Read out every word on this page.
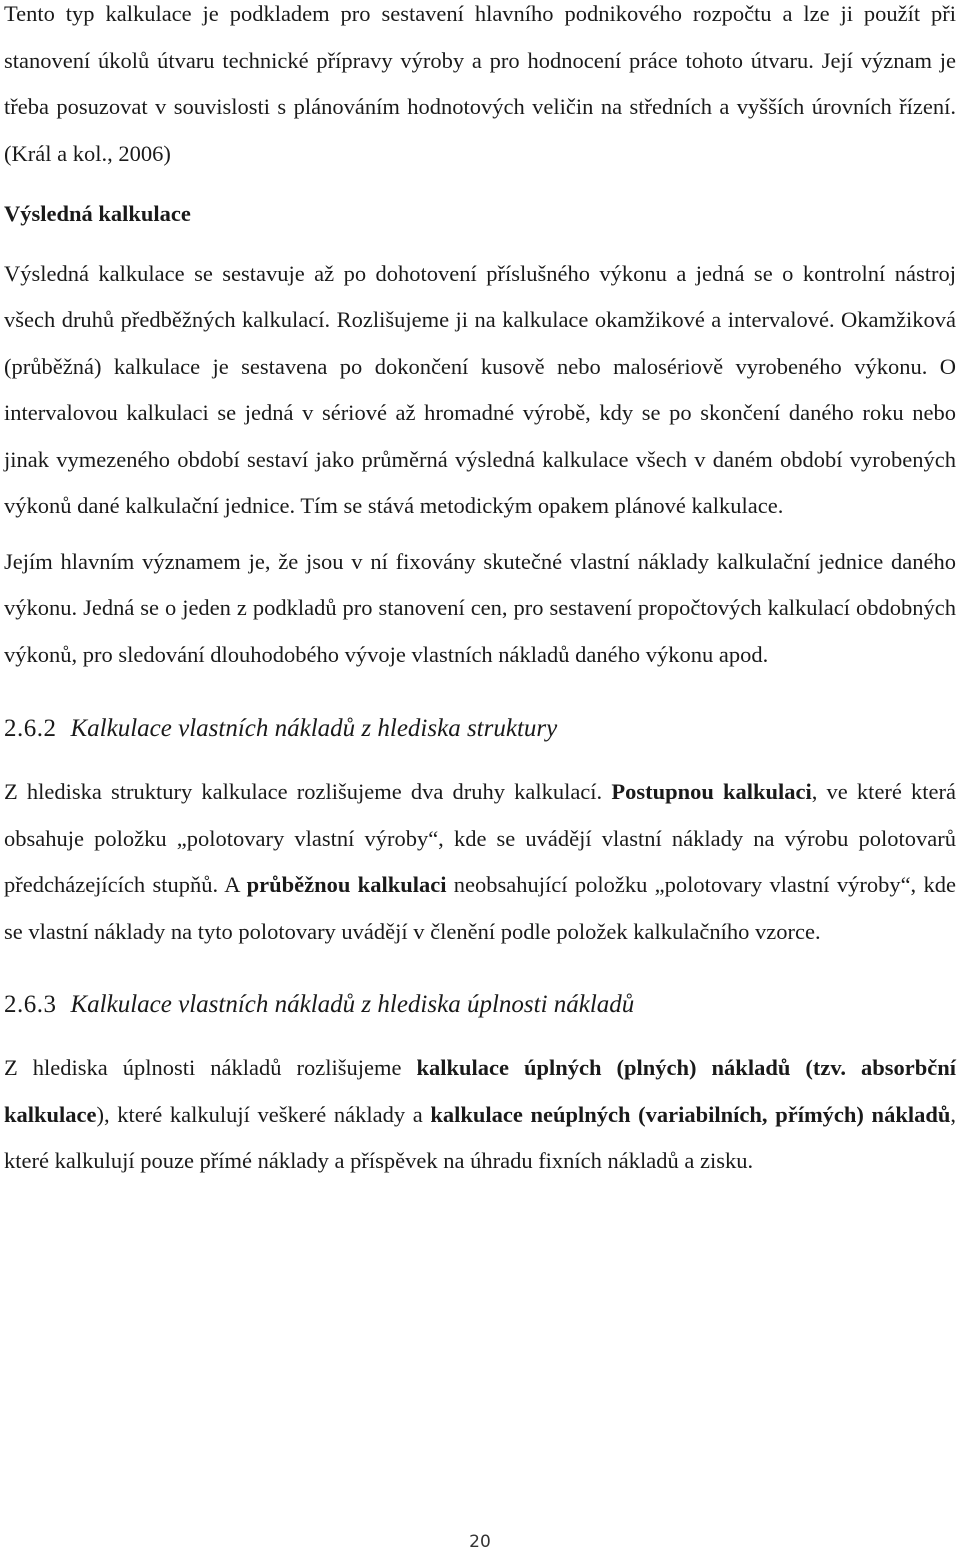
Tento typ kalkulace je podkladem pro sestavení hlavního podnikového rozpočtu a lze ji použít při stanovení úkolů útvaru technické přípravy výroby a pro hodnocení práce tohoto útvaru. Její význam je třeba posuzovat v souvislosti s plánováním hodnotových veličin na středních a vyšších úrovních řízení. (Král a kol., 2006)

Výsledná kalkulace

Výsledná kalkulace se sestavuje až po dohotovení příslušného výkonu a jedná se o kontrolní nástroj všech druhů předběžných kalkulací. Rozlišujeme ji na kalkulace okamžikové a intervalové. Okamžiková (průběžná) kalkulace je sestavena po dokončení kusově nebo malosériově vyrobeného výkonu. O intervalovou kalkulaci se jedná v sériové až hromadné výrobě, kdy se po skončení daného roku nebo jinak vymezeného období sestaví jako průměrná výsledná kalkulace všech v daném období vyrobených výkonů dané kalkulační jednice. Tím se stává metodickým opakem plánové kalkulace.

Jejím hlavním významem je, že jsou v ní fixovány skutečné vlastní náklady kalkulační jednice daného výkonu. Jedná se o jeden z podkladů pro stanovení cen, pro sestavení propočtových kalkulací obdobných výkonů, pro sledování dlouhodobého vývoje vlastních nákladů daného výkonu apod.

2.6.2 Kalkulace vlastních nákladů z hlediska struktury

Z hlediska struktury kalkulace rozlišujeme dva druhy kalkulací. Postupnou kalkulaci, ve které která obsahuje položku „polotovary vlastní výroby“, kde se uvádějí vlastní náklady na výrobu polotovarů předcházejících stupňů. A průběžnou kalkulaci neobsahující položku „polotovary vlastní výroby“, kde se vlastní náklady na tyto polotovary uvádějí v členění podle položek kalkulačního vzorce.

2.6.3 Kalkulace vlastních nákladů z hlediska úplnosti nákladů

Z hlediska úplnosti nákladů rozlišujeme kalkulace úplných (plných) nákladů (tzv. absorbční kalkulace), které kalkulují veškeré náklady a kalkulace neúplných (variabilních, přímých) nákladů, které kalkulují pouze přímé náklady a příspěvek na úhradu fixních nákladů a zisku.

20
